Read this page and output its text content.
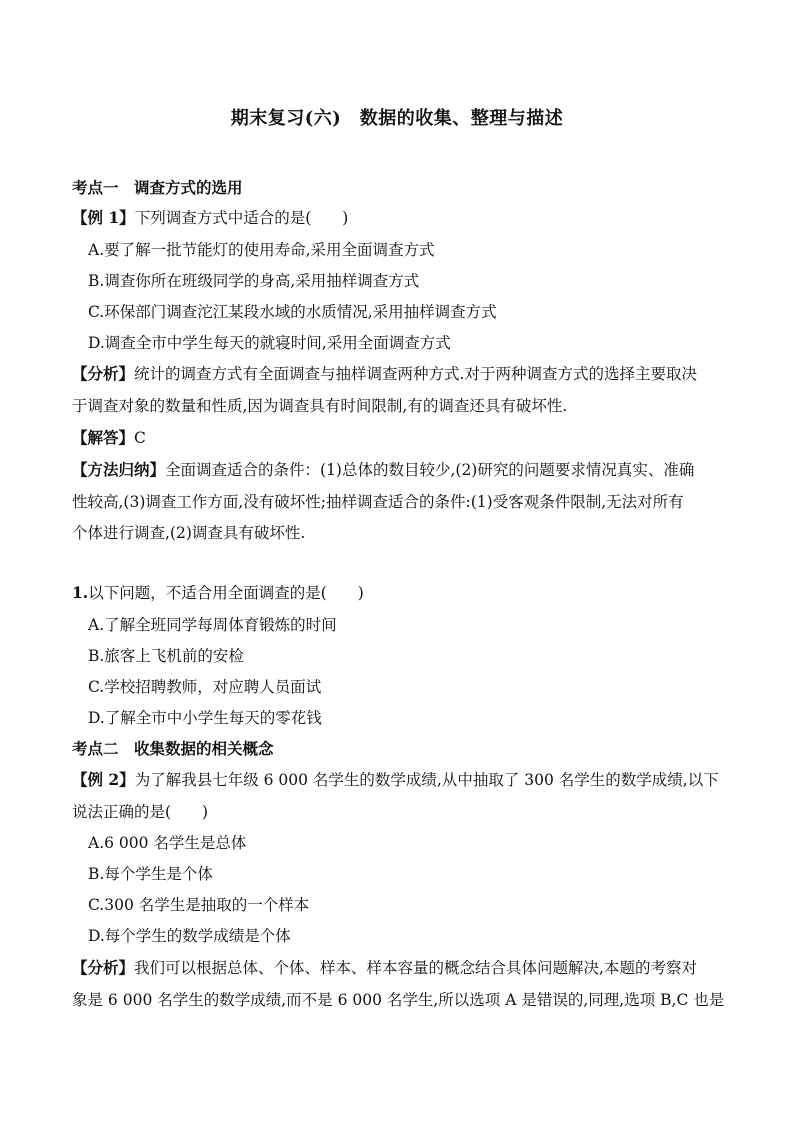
期末复习(六)　数据的收集、整理与描述
考点一　调查方式的选用
【例 1】下列调查方式中适合的是(　　)
A.要了解一批节能灯的使用寿命,采用全面调查方式
B.调查你所在班级同学的身高,采用抽样调查方式
C.环保部门调查沱江某段水域的水质情况,采用抽样调查方式
D.调查全市中学生每天的就寝时间,采用全面调查方式
【分析】统计的调查方式有全面调查与抽样调查两种方式.对于两种调查方式的选择主要取决
于调查对象的数量和性质,因为调查具有时间限制,有的调查还具有破坏性.
【解答】C
【方法归纳】全面调查适合的条件：(1)总体的数目较少,(2)研究的问题要求情况真实、准确
性较高,(3)调查工作方面,没有破坏性;抽样调查适合的条件:(1)受客观条件限制,无法对所有
个体进行调查,(2)调查具有破坏性.
1.以下问题，不适合用全面调查的是(　　)
A.了解全班同学每周体育锻炼的时间
B.旅客上飞机前的安检
C.学校招聘教师，对应聘人员面试
D.了解全市中小学生每天的零花钱
考点二　收集数据的相关概念
【例 2】为了解我县七年级 6 000 名学生的数学成绩,从中抽取了 300 名学生的数学成绩,以下
说法正确的是(　　)
A.6 000 名学生是总体
B.每个学生是个体
C.300 名学生是抽取的一个样本
D.每个学生的数学成绩是个体
【分析】我们可以根据总体、个体、样本、样本容量的概念结合具体问题解决,本题的考察对
象是 6 000 名学生的数学成绩,而不是 6 000 名学生,所以选项 A 是错误的,同理,选项 B,C 也是
